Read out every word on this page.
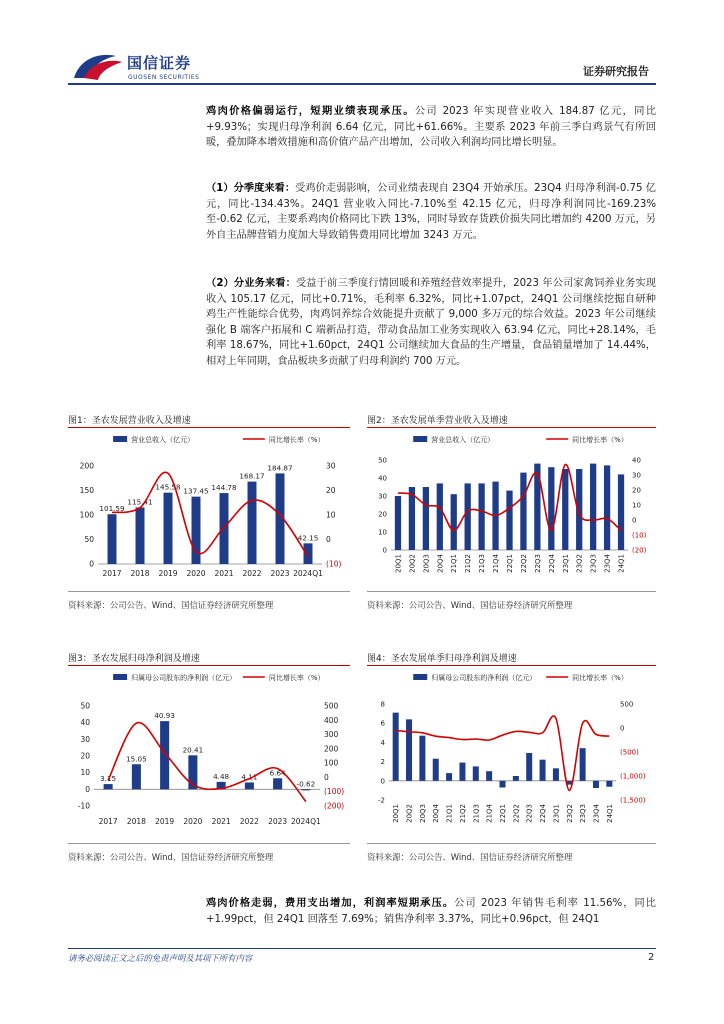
国信证券
GUOSEN SECURITIES	证券研究报告
鸡肉价格偏弱运行，短期业绩表现承压。公司 2023 年实现营业收入 184.87 亿元，同比+9.93%；实现归母净利润 6.64 亿元，同比+61.66%。主要系 2023 年前三季白鸡景气有所回暖，叠加降本增效措施和高价值产品产出增加，公司收入利润均同比增长明显。
（1）分季度来看：受鸡价走弱影响，公司业绩表现自 23Q4 开始承压。23Q4 归母净利润-0.75 亿元，同比-134.43%。24Q1 营业收入同比-7.10%至 42.15 亿元，归母净利润同比-169.23%至-0.62 亿元，主要系鸡肉价格同比下跌 13%，同时导致存货跌价损失同比增加约 4200 万元，另外自主品牌营销力度加大导致销售费用同比增加 3243 万元。
（2）分业务来看：受益于前三季度行情回暖和养殖经营效率提升，2023 年公司家禽饲养业务实现收入 105.17 亿元，同比+0.71%，毛利率 6.32%，同比+1.07pct，24Q1 公司继续挖掘自研种鸡生产性能综合优势，肉鸡饲养综合效能提升贡献了 9,000 多万元的综合效益。2023 年公司继续强化 B 端客户拓展和 C 端新品打造，带动食品加工业务实现收入 63.94 亿元，同比+28.14%，毛利率 18.67%，同比+1.60pct，24Q1 公司继续加大食品的生产增量，食品销量增加了 14.44%，相对上年同期，食品板块多贡献了归母利润约 700 万元。
图1：圣农发展营业收入及增速	图2：圣农发展单季营业收入及增速
营业总收入（亿元）	同比增长率（%）
0
50
100
150
200
(10)
0
10
20
30
101.59
2017
115.41
2018
145.58
2019
137.45
2020
144.78
2021
168.17
2022
184.87
2023
42.15
2024Q1
营业总收入（亿元）	同比增长率（%）
0
10
20
30
40
50
(20)
(10)
0
10
20
30
40
20Q1 20Q2 20Q3 20Q4 21Q1 21Q2 21Q3 21Q4 22Q1 22Q2 22Q3 22Q4 23Q1 23Q2 23Q3 23Q4 24Q1
资料来源：公司公告、Wind、国信证券经济研究所整理	资料来源：公司公告、Wind、国信证券经济研究所整理
图3：圣农发展归母净利润及增速	图4：圣农发展单季归母净利润及增速
归属母公司股东的净利润（亿元）	同比增长率（%）
-10
0
10
20
30
40
50
(200)
(100)
0
100
200
300
400
500
3.15
2017
15.05
2018
40.93
2019
20.41
2020
4.48
2021
4.11
2022
6.64
2023
-0.62
2024Q1
归属母公司股东的净利润（亿元）	同比增长率（%）
-2
0
2
4
6
8
(1,500)
(1,000)
(500)
0
500
20Q1 20Q2 20Q3 20Q4 21Q1 21Q2 21Q3 21Q4 22Q1 22Q2 22Q3 22Q4 23Q1 23Q2 23Q3 23Q4 24Q1
资料来源：公司公告、Wind、国信证券经济研究所整理	资料来源：公司公告、Wind、国信证券经济研究所整理
鸡肉价格走弱，费用支出增加，利润率短期承压。公司 2023 年销售毛利率 11.56%，同比+1.99pct，但 24Q1 回落至 7.69%；销售净利率 3.37%，同比+0.96pct，但 24Q1
请务必阅读正文之后的免责声明及其项下所有内容	2
